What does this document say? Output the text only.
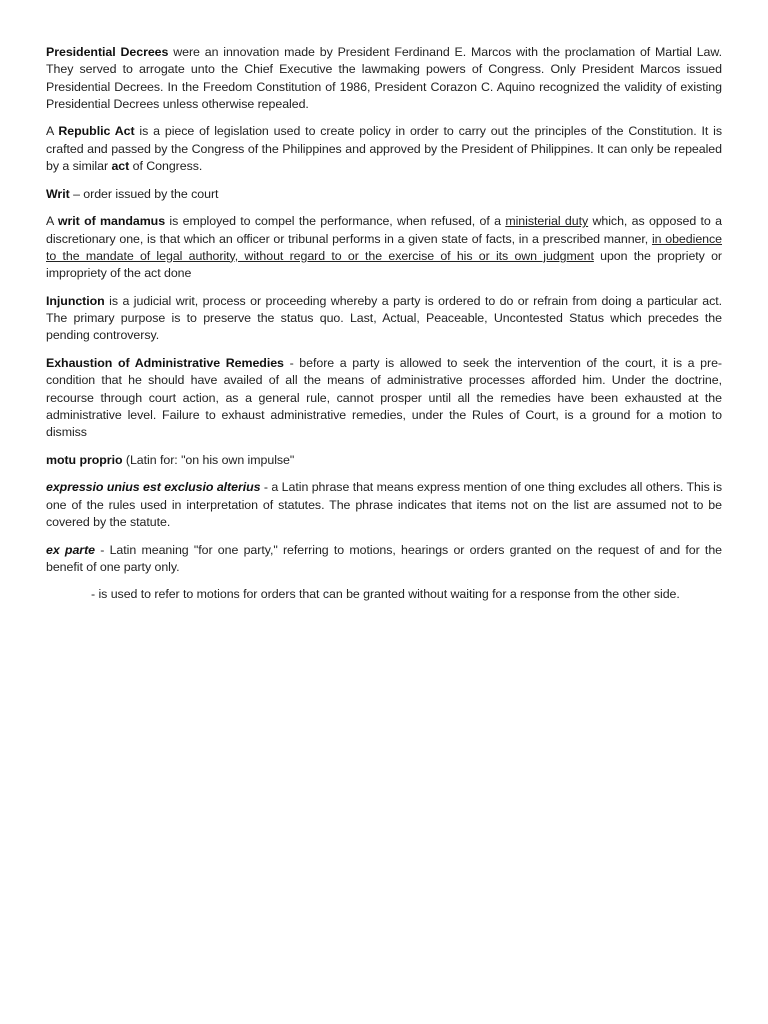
Presidential Decrees were an innovation made by President Ferdinand E. Marcos with the proclamation of Martial Law. They served to arrogate unto the Chief Executive the lawmaking powers of Congress. Only President Marcos issued Presidential Decrees. In the Freedom Constitution of 1986, President Corazon C. Aquino recognized the validity of existing Presidential Decrees unless otherwise repealed.

A Republic Act is a piece of legislation used to create policy in order to carry out the principles of the Constitution. It is crafted and passed by the Congress of the Philippines and approved by the President of Philippines. It can only be repealed by a similar act of Congress.

Writ – order issued by the court

A writ of mandamus is employed to compel the performance, when refused, of a ministerial duty which, as opposed to a discretionary one, is that which an officer or tribunal performs in a given state of facts, in a prescribed manner, in obedience to the mandate of legal authority, without regard to or the exercise of his or its own judgment upon the propriety or impropriety of the act done

Injunction is a judicial writ, process or proceeding whereby a party is ordered to do or refrain from doing a particular act. The primary purpose is to preserve the status quo. Last, Actual, Peaceable, Uncontested Status which precedes the pending controversy.

Exhaustion of Administrative Remedies - before a party is allowed to seek the intervention of the court, it is a pre-condition that he should have availed of all the means of administrative processes afforded him. Under the doctrine, recourse through court action, as a general rule, cannot prosper until all the remedies have been exhausted at the administrative level. Failure to exhaust administrative remedies, under the Rules of Court, is a ground for a motion to dismiss

motu proprio (Latin for: "on his own impulse"

expressio unius est exclusio alterius - a Latin phrase that means express mention of one thing excludes all others. This is one of the rules used in interpretation of statutes. The phrase indicates that items not on the list are assumed not to be covered by the statute.

ex parte - Latin meaning "for one party," referring to motions, hearings or orders granted on the request of and for the benefit of one party only.

- is used to refer to motions for orders that can be granted without waiting for a response from the other side.
